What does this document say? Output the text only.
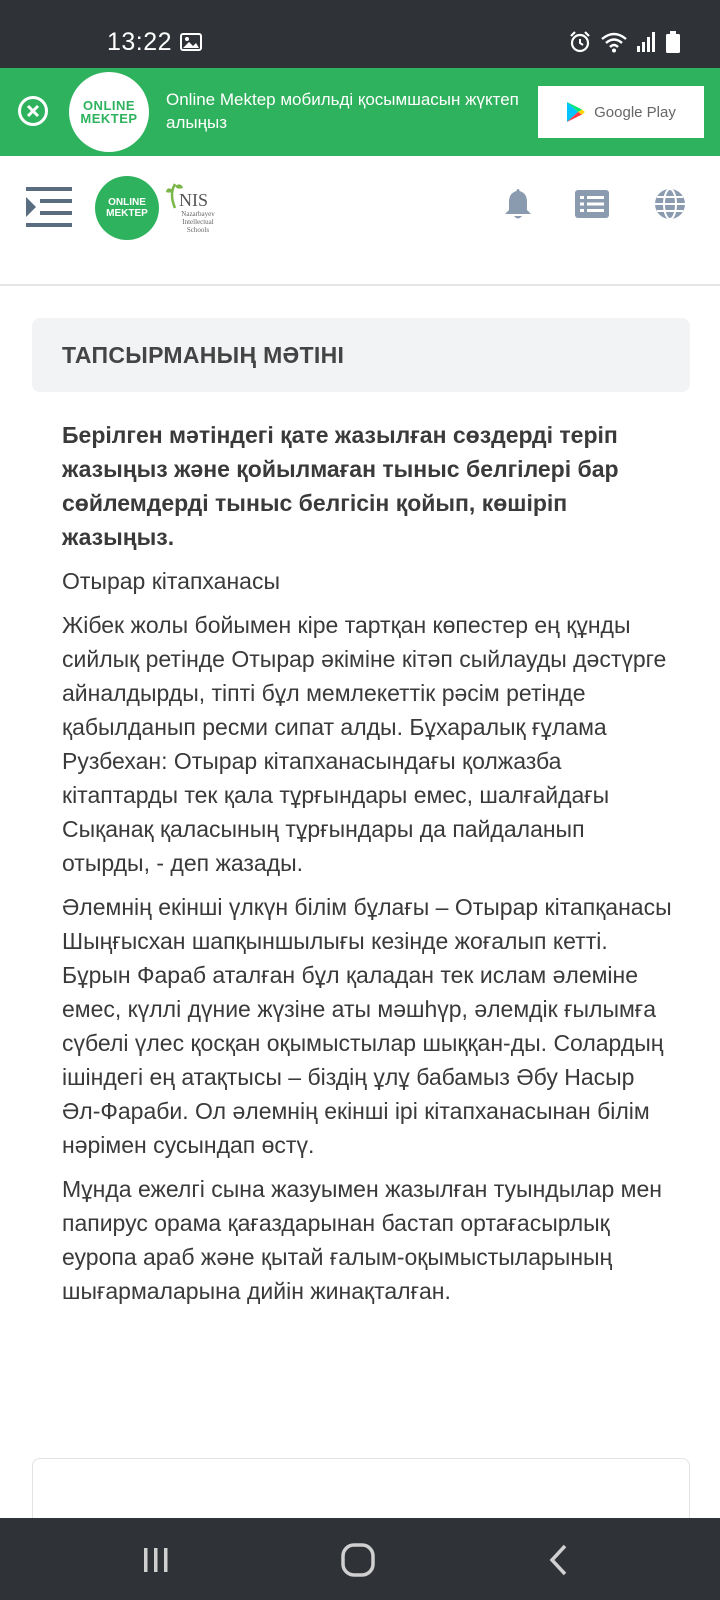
13:22
ONLINE
MEKTEP
Online Mektep мобильді қосымшасын жүктеп алыңыз
Google Play
ONLINE
MEKTEP
NIS
Nazarbayev Intellectual Schools
ТАПСЫРМАНЫҢ МӘТІНІ

Берілген мәтіндегі қате жазылған сөздерді теріп жазыңыз және қойылмаған тыныс белгілері бар сөйлемдерді тыныс белгісін қойып, көшіріп жазыңыз.

Отырар кітапханасы

Жібек жолы бойымен кіре тартқан көпестер ең құнды сийлық ретінде Отырар әкіміне кітәп сыйлауды дәстүрге айналдырды, тіпті бұл мемлекеттік рәсім ретінде қабылданып ресми сипат алды. Бұхаралық ғұлама Рузбехан: Отырар кітапханасындағы қолжазба кітаптарды тек қала тұрғындары емес, шалғайдағы Сықанақ қаласының тұрғындары да пайдаланып отырды, - деп жазады.

Әлемнің екінші үлкүн білім бұлағы – Отырар кітапқанасы Шыңғысхан шапқыншылығы кезінде жоғалып кетті. Бұрын Фараб аталған бұл қаладан тек ислам әлеміне емес, күллі дүние жүзіне аты мәшһүр, әлемдік ғылымға сүбелі үлес қосқан оқымыстылар шыққан-ды. Солардың ішіндегі ең атақтысы – біздің ұлұ бабамыз Әбу Насыр Әл-Фараби. Ол әлемнің екінші ірі кітапханасынан білім нәрімен сусындап өстү.

Мұнда ежелгі сына жазуымен жазылған туындылар мен папирус орама қағаздарынан бастап ортағасырлық еуропа араб және қытай ғалым-оқымыстыларының шығармаларына дийін жинақталған.
